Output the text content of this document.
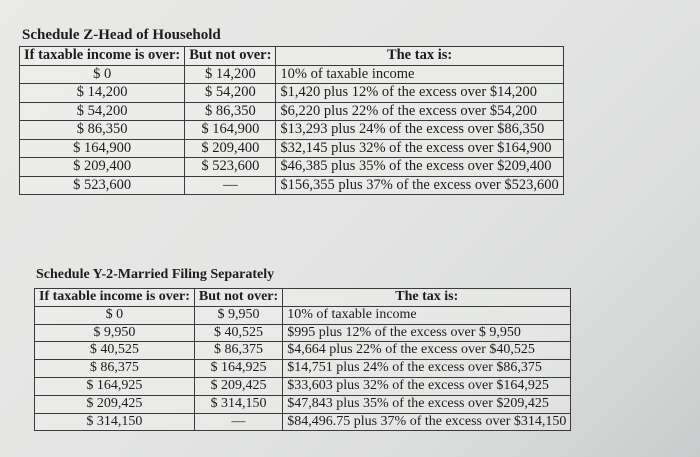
Schedule Z-Head of Household
If taxable income is over:	But not over:	The tax is:
$ 0	$ 14,200	10% of taxable income
$ 14,200	$ 54,200	$1,420 plus 12% of the excess over $14,200
$ 54,200	$ 86,350	$6,220 plus 22% of the excess over $54,200
$ 86,350	$ 164,900	$13,293 plus 24% of the excess over $86,350
$ 164,900	$ 209,400	$32,145 plus 32% of the excess over $164,900
$ 209,400	$ 523,600	$46,385 plus 35% of the excess over $209,400
$ 523,600	—	$156,355 plus 37% of the excess over $523,600
Schedule Y-2-Married Filing Separately
If taxable income is over:	But not over:	The tax is:
$ 0	$ 9,950	10% of taxable income
$ 9,950	$ 40,525	$995 plus 12% of the excess over $ 9,950
$ 40,525	$ 86,375	$4,664 plus 22% of the excess over $40,525
$ 86,375	$ 164,925	$14,751 plus 24% of the excess over $86,375
$ 164,925	$ 209,425	$33,603 plus 32% of the excess over $164,925
$ 209,425	$ 314,150	$47,843 plus 35% of the excess over $209,425
$ 314,150	—	$84,496.75 plus 37% of the excess over $314,150
